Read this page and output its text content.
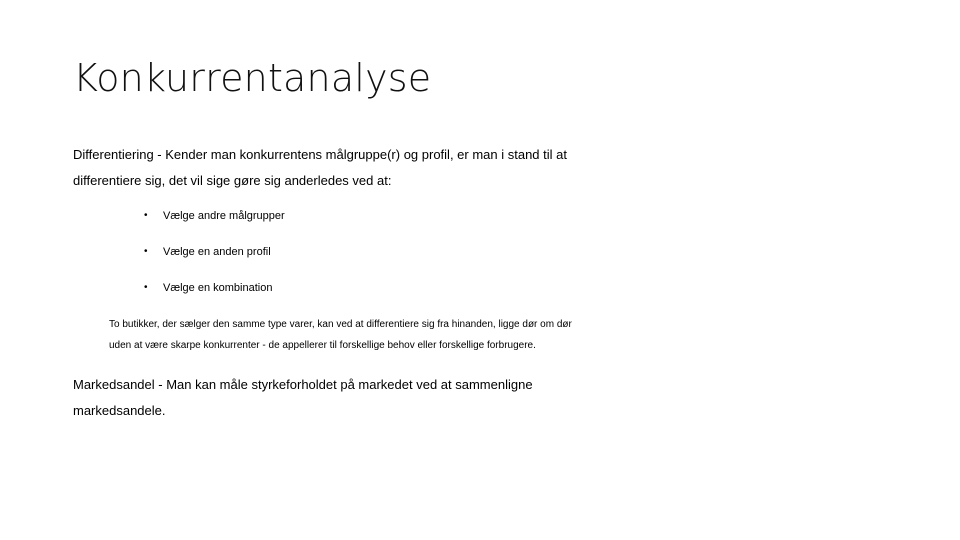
Konkurrentanalyse
Differentiering - Kender man konkurrentens målgruppe(r) og profil, er man i stand til at
differentiere sig, det vil sige gøre sig anderledes ved at:
•	Vælge andre målgrupper
•	Vælge en anden profil
•	Vælge en kombination
To butikker, der sælger den samme type varer, kan ved at differentiere sig fra hinanden, ligge dør om dør
uden at være skarpe konkurrenter - de appellerer til forskellige behov eller forskellige forbrugere.
Markedsandel - Man kan måle styrkeforholdet på markedet ved at sammenligne
markedsandele.
